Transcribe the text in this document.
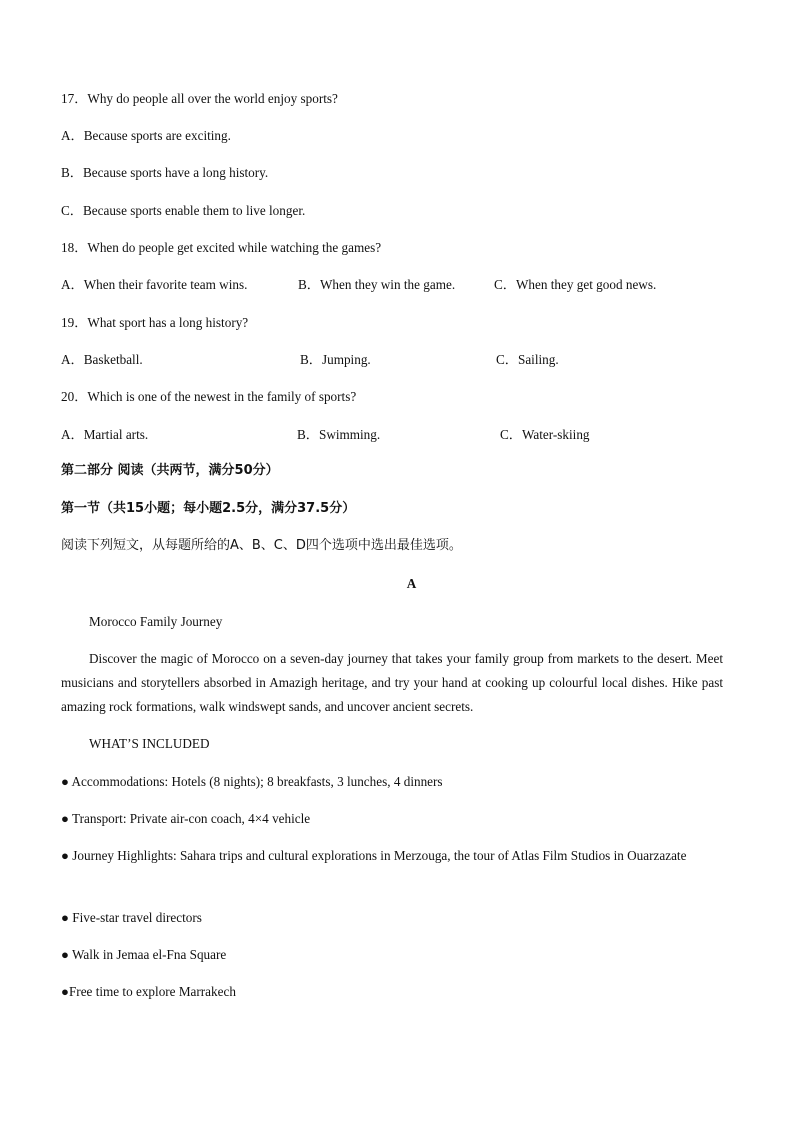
17．Why do people all over the world enjoy sports?
A．Because sports are exciting.
B．Because sports have a long history.
C．Because sports enable them to live longer.
18．When do people get excited while watching the games?
A．When their favorite team wins.	B．When they win the game.	C．When they get good news.
19．What sport has a long history?
A．Basketball.	B．Jumping.	C．Sailing.
20．Which is one of the newest in the family of sports?
A．Martial arts.	B．Swimming.	C．Water-skiing
第二部分 阅读（共两节，满分50分）
第一节（共15小题；每小题2.5分，满分37.5分）
阅读下列短文，从每题所给的A、B、C、D四个选项中选出最佳选项。
A
Morocco Family Journey
Discover the magic of Morocco on a seven-day journey that takes your family group from markets to the desert. Meet musicians and storytellers absorbed in Amazigh heritage, and try your hand at cooking up colourful local dishes. Hike past amazing rock formations, walk windswept sands, and uncover ancient secrets.
WHAT’S INCLUDED
● Accommodations: Hotels (8 nights); 8 breakfasts, 3 lunches, 4 dinners
● Transport: Private air-con coach, 4×4 vehicle
● Journey Highlights: Sahara trips and cultural explorations in Merzouga, the tour of Atlas Film Studios in Ouarzazate
● Five-star travel directors
● Walk in Jemaa el-Fna Square
●Free time to explore Marrakech
